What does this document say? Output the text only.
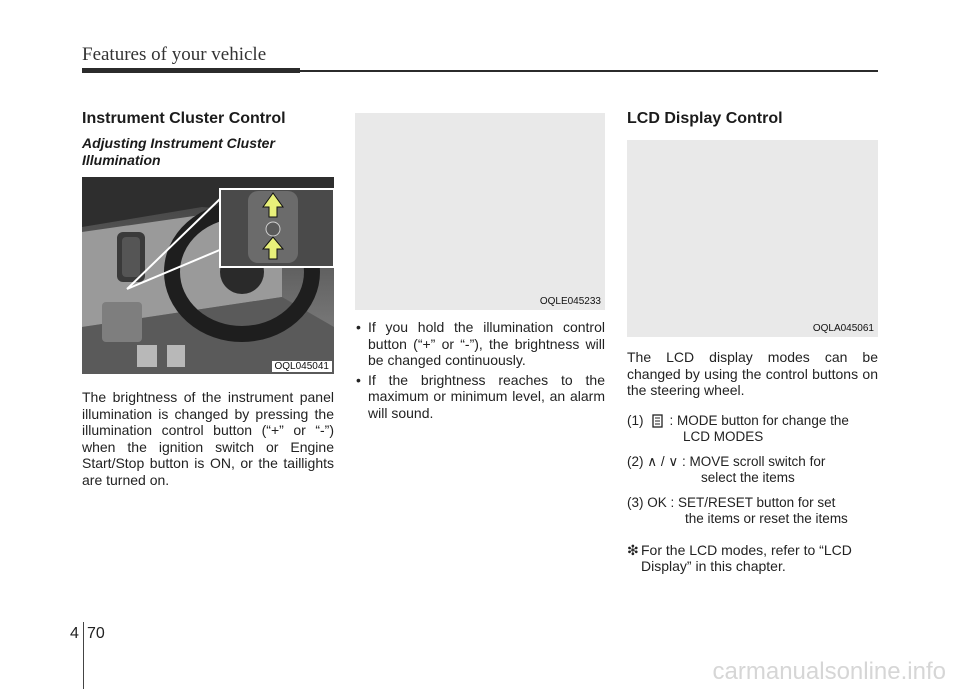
Features of your vehicle
Instrument Cluster Control
Adjusting Instrument Cluster Illumination
OQL045041

The brightness of the instrument panel illumination is changed by pressing the illumination control button (“+” or “-”) when the ignition switch or Engine Start/Stop button is ON, or the taillights are turned on.

OQLE045233
• If you hold the illumination control button (“+” or “-”), the brightness will be changed continuously.
• If the brightness reaches to the maximum or minimum level, an alarm will sound.
LCD Display Control
OQLA045061

The LCD display modes can be changed by using the control buttons on the steering wheel.

(1) : MODE button for change the
LCD MODES
(2)
∧ / ∨
: MOVE scroll switch for
select the items
(3) OK
: SET/RESET button for set
the items or reset the items
❇ For the LCD modes, refer to “LCD Display” in this chapter.
4 70
carmanualsonline.info
